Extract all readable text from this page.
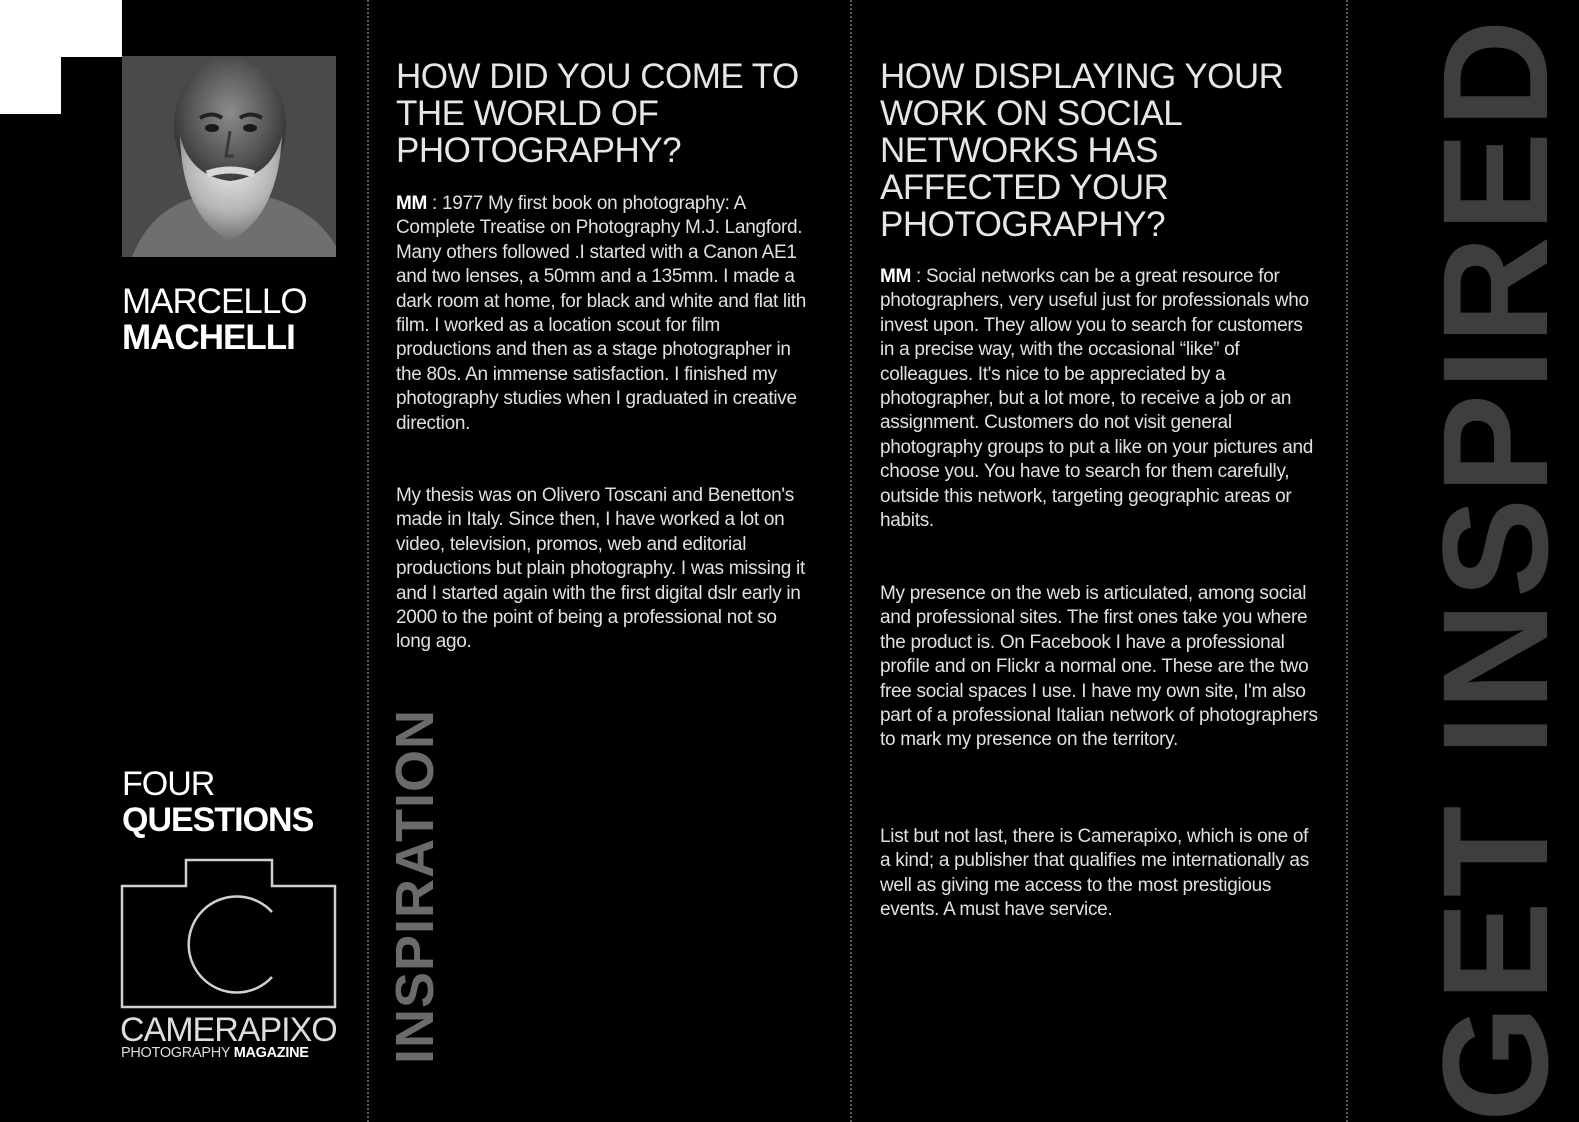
MARCELLO
MACHELLI
FOUR
QUESTIONS
CAMERAPIXO
PHOTOGRAPHY MAGAZINE
HOW DID YOU COME TO THE WORLD OF PHOTOGRAPHY?

MM : 1977 My first book on photography: A Complete Treatise on Photography M.J. Langford. Many others followed .I started with a Canon AE1 and two lenses, a 50mm and a 135mm. I made a dark room at home, for black and white and flat lith film. I worked as a location scout for film productions and then as a stage photographer in the 80s. An immense satisfaction. I finished my photography studies when I graduated in creative direction.

My thesis was on Olivero Toscani and Benetton's made in Italy. Since then, I have worked a lot on video, television, promos, web and editorial productions but plain photography. I was missing it and I started again with the first digital dslr early in 2000 to the point of being a professional not so long ago.

INSPIRATION
HOW DISPLAYING YOUR WORK ON SOCIAL NETWORKS HAS AFFECTED YOUR PHOTOGRAPHY?

MM : Social networks can be a great resource for photographers, very useful just for professionals who invest upon. They allow you to search for customers in a precise way, with the occasional “like” of colleagues. It's nice to be appreciated by a photographer, but a lot more, to receive a job or an assignment. Customers do not visit general photography groups to put a like on your pictures and choose you. You have to search for them carefully, outside this network, targeting geographic areas or habits.

My presence on the web is articulated, among social and professional sites. The first ones take you where the product is. On Facebook I have a professional profile and on Flickr a normal one. These are the two free social spaces I use. I have my own site, I'm also part of a professional Italian network of photographers to mark my presence on the territory.

List but not last, there is Camerapixo, which is one of a kind; a publisher that qualifies me internationally as well as giving me access to the most prestigious events. A must have service.	GET INSPIRED
